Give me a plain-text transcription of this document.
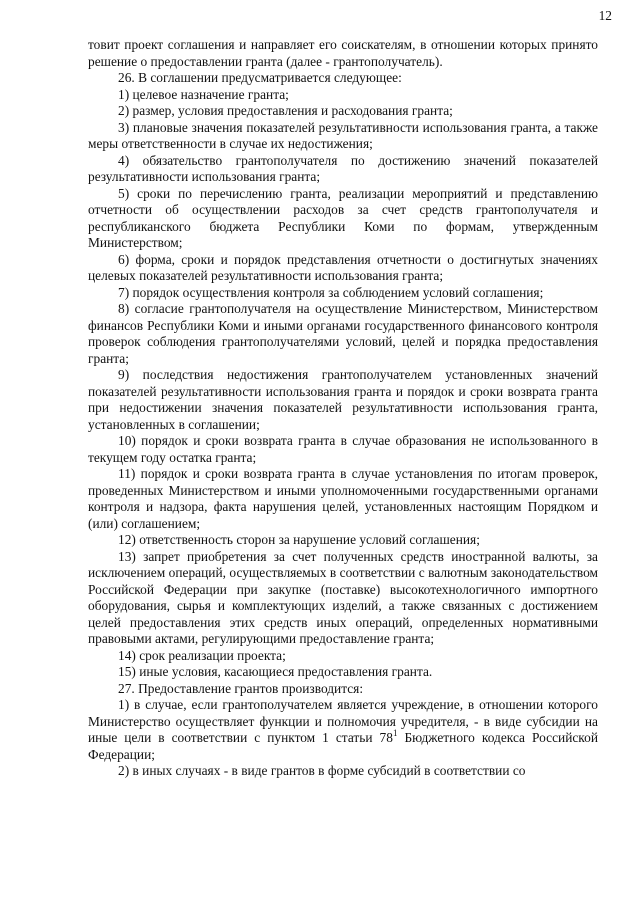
12

товит проект соглашения и направляет его соискателям, в отношении которых принято решение о предоставлении гранта (далее - грантополучатель).

26. В соглашении предусматривается следующее:

1) целевое назначение гранта;

2) размер, условия предоставления и расходования гранта;

3) плановые значения показателей результативности использования гранта, а также меры ответственности в случае их недостижения;

4) обязательство грантополучателя по достижению значений показателей результативности использования гранта;

5) сроки по перечислению гранта, реализации мероприятий и представлению отчетности об осуществлении расходов за счет средств грантополучателя и республиканского бюджета Республики Коми по формам, утвержденным Министерством;

6) форма, сроки и порядок представления отчетности о достигнутых значениях целевых показателей результативности использования гранта;

7) порядок осуществления контроля за соблюдением условий соглашения;

8) согласие грантополучателя на осуществление Министерством, Министерством финансов Республики Коми и иными органами государственного финансового контроля проверок соблюдения грантополучателями условий, целей и порядка предоставления гранта;

9) последствия недостижения грантополучателем установленных значений показателей результативности использования гранта и порядок и сроки возврата гранта при недостижении значения показателей результативности использования гранта, установленных в соглашении;

10) порядок и сроки возврата гранта в случае образования не использованного в текущем году остатка гранта;

11) порядок и сроки возврата гранта в случае установления по итогам проверок, проведенных Министерством и иными уполномоченными государственными органами контроля и надзора, факта нарушения целей, установленных настоящим Порядком и (или) соглашением;

12) ответственность сторон за нарушение условий соглашения;

13) запрет приобретения за счет полученных средств иностранной валюты, за исключением операций, осуществляемых в соответствии с валютным законодательством Российской Федерации при закупке (поставке) высокотехнологичного импортного оборудования, сырья и комплектующих изделий, а также связанных с достижением целей предоставления этих средств иных операций, определенных нормативными правовыми актами, регулирующими предоставление гранта;

14) срок реализации проекта;

15) иные условия, касающиеся предоставления гранта.

27. Предоставление грантов производится:

1) в случае, если грантополучателем является учреждение, в отношении которого Министерство осуществляет функции и полномочия учредителя, - в виде субсидии на иные цели в соответствии с пунктом 1 статьи $78^1$ Бюджетного кодекса Российской Федерации;

2) в иных случаях - в виде грантов в форме субсидий в соответствии со
